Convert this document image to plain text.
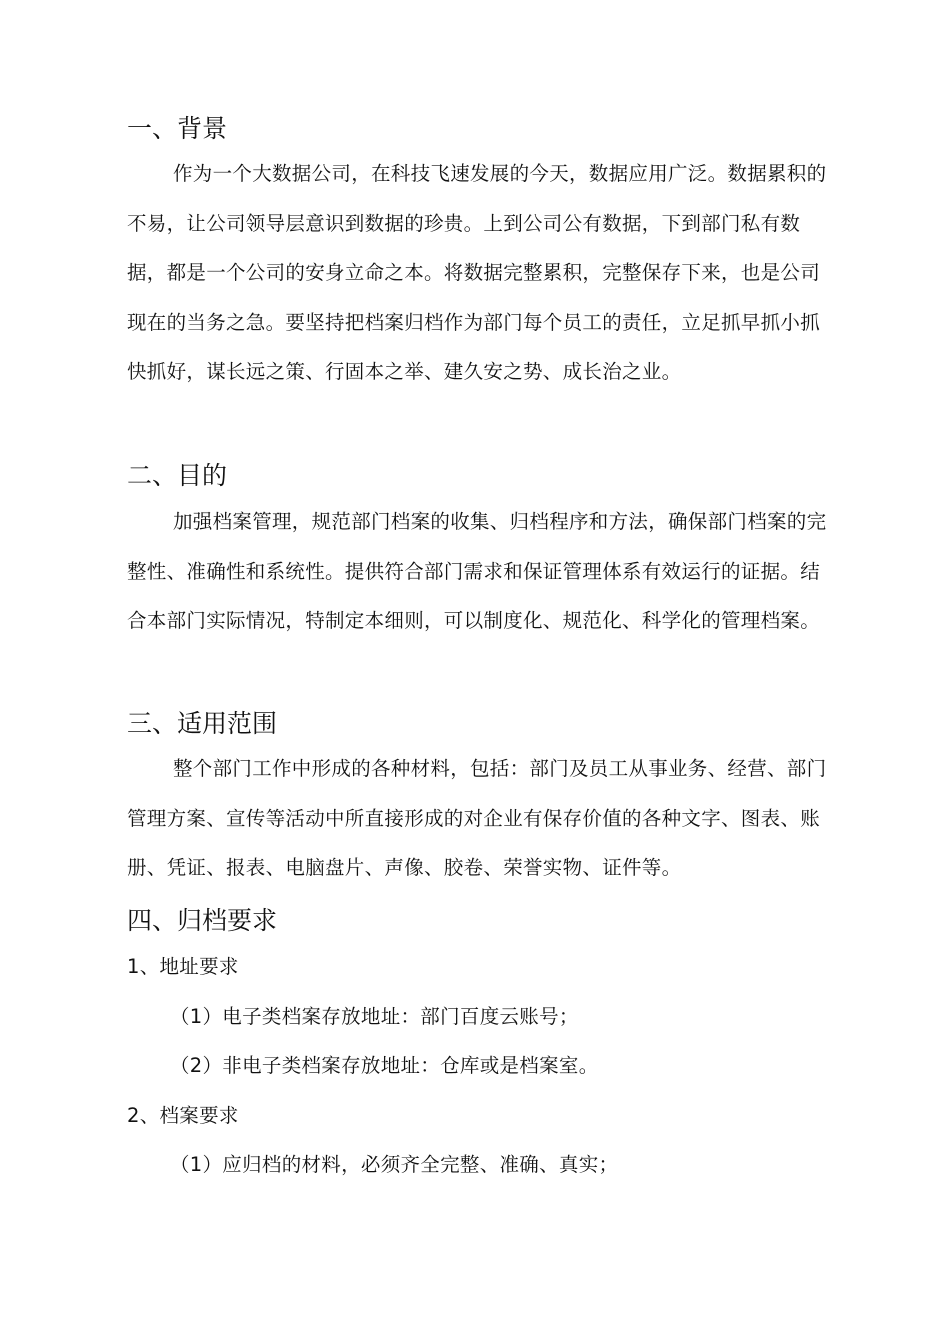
一、背景
作为一个大数据公司，在科技飞速发展的今天，数据应用广泛。数据累积的不易，让公司领导层意识到数据的珍贵。上到公司公有数据，下到部门私有数据，都是一个公司的安身立命之本。将数据完整累积，完整保存下来，也是公司现在的当务之急。要坚持把档案归档作为部门每个员工的责任，立足抓早抓小抓快抓好，谋长远之策、行固本之举、建久安之势、成长治之业。
二、目的
加强档案管理，规范部门档案的收集、归档程序和方法，确保部门档案的完整性、准确性和系统性。提供符合部门需求和保证管理体系有效运行的证据。结合本部门实际情况，特制定本细则，可以制度化、规范化、科学化的管理档案。
三、适用范围
整个部门工作中形成的各种材料，包括：部门及员工从事业务、经营、部门管理方案、宣传等活动中所直接形成的对企业有保存价值的各种文字、图表、账册、凭证、报表、电脑盘片、声像、胶卷、荣誉实物、证件等。
四、归档要求
1、地址要求
（1）电子类档案存放地址：部门百度云账号；
（2）非电子类档案存放地址：仓库或是档案室。
2、档案要求
（1）应归档的材料，必须齐全完整、准确、真实；
